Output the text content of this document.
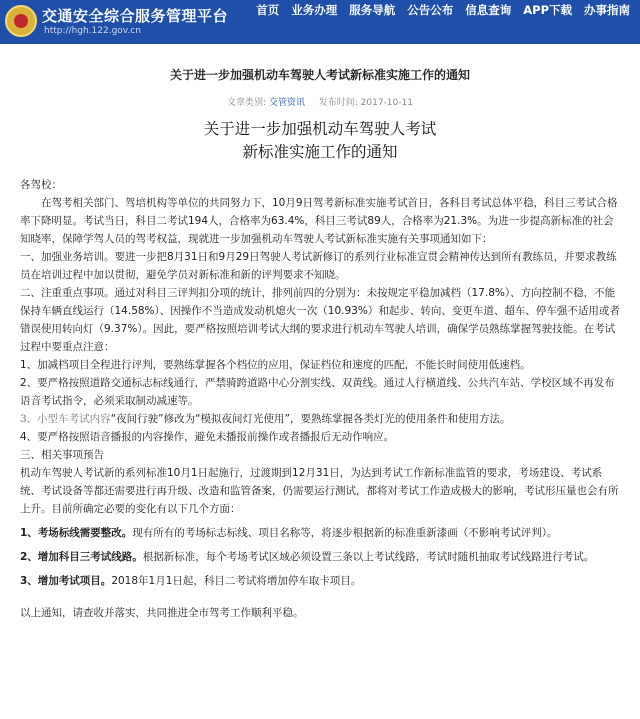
交通安全综合服务管理平台
http://hgh.122.gov.cn
首页	业务办理	服务导航	公告公布	信息查询	APP下载	办事指南
关于进一步加强机动车驾驶人考试新标准实施工作的通知
文章类别: 交管资讯 发布时间: 2017-10-11
关于进一步加强机动车驾驶人考试
新标准实施工作的通知

各驾校：

在驾考相关部门、驾培机构等单位的共同努力下，10月9日驾考新标准实施考试首日，各科目考试总体平稳，科目三考试合格率下降明显。考试当日，科目二考试194人，合格率为63.4%，科目三考试89人，合格率为21.3%。为进一步提高新标准的社会知晓率，保障学驾人员的驾考权益，现就进一步加强机动车驾驶人考试新标准实施有关事项通知如下：

一、加强业务培训。要进一步把8月31日和9月29日驾驶人考试新修订的系列行业标准宣贯会精神传达到所有教练员，并要求教练员在培训过程中加以贯彻，避免学员对新标准和新的评判要求不知晓。

二、注重重点事项。通过对科目三评判扣分项的统计，排列前四的分别为：未按规定平稳加减档（17.8%）、方向控制不稳，不能保持车辆直线运行（14.58%）、因操作不当造成发动机熄火一次（10.93%）和起步、转向、变更车道、超车、停车强不适用或者错误使用转向灯（9.37%）。因此，要严格按照培训考试大纲的要求进行机动车驾驶人培训，确保学员熟练掌握驾驶技能。在考试过程中要重点注意：

1、加减档项目全程进行评判，要熟练掌握各个档位的应用，保证档位和速度的匹配，不能长时间使用低速档。

2、要严格按照道路交通标志标线通行，严禁骑跨道路中心分割实线、双黄线。通过人行横道线、公共汽车站、学校区域不再发布语音考试指令，必须采取制动减速等。

3、小型车考试内容“夜间行驶”修改为“模拟夜间灯光使用”，要熟练掌握各类灯光的使用条件和使用方法。

4、要严格按照语音播报的内容操作，避免未播报前操作或者播报后无动作响应。

三、相关事项预告

机动车驾驶人考试新的系列标准10月1日起施行，过渡期到12月31日，为达到考试工作新标准监管的要求，考场建设、考试系统、考试设备等都还需要进行再升级、改造和监管备案，仍需要运行测试，都将对考试工作造成极大的影响，考试形压量也会有所上升。目前所确定必要的变化有以下几个方面：

1、考场标线需要整改。现有所有的考场标志标线、项目名称等，将逐步根据新的标准重新漆画（不影响考试评判）。

2、增加科目三考试线路。根据新标准，每个考场考试区域必须设置三条以上考试线路，考试时随机抽取考试线路进行考试。

3、增加考试项目。2018年1月1日起，科目二考试将增加停车取卡项目。

以上通知，请查收并落实，共同推进全市驾考工作顺利平稳。
